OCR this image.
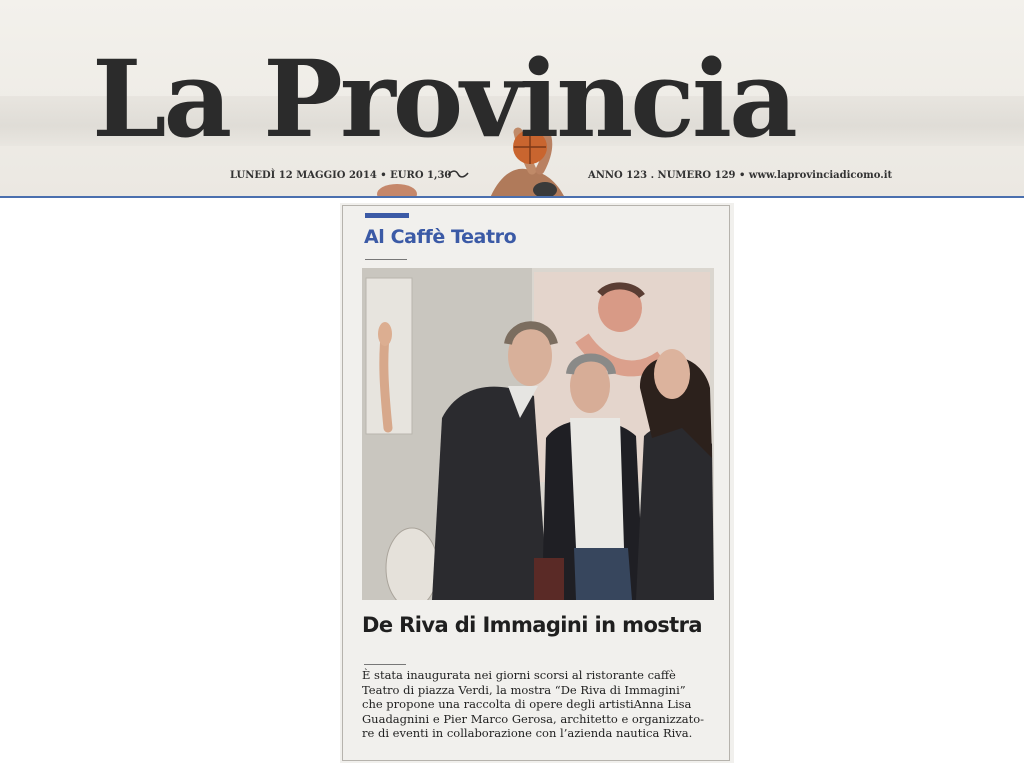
La Provincia
LUNEDÌ 12 MAGGIO 2014 • EURO 1,30	ANNO 123 . NUMERO 129 • www.laprovinciadicomo.it
Al Caffè Teatro
De Riva di Immagini in mostra
È stata inaugurata nei giorni scorsi al ristorante caffè
Teatro di piazza Verdi, la mostra “De Riva di Immagini”
che propone una raccolta di opere degli artistiAnna Lisa
Guadagnini e Pier Marco Gerosa, architetto e organizzato-
re di eventi in collaborazione con l’azienda nautica Riva.
